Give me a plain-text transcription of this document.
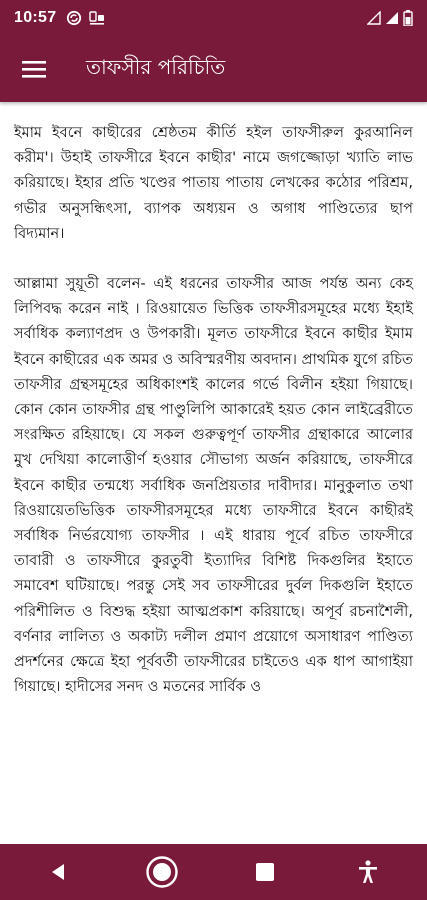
10:57
তাফসীর পরিচিতি

ইমাম ইবনে কাছীরের শ্রেষ্ঠতম কীর্তি হইল তাফসীরুল কুরআনিল করীম'। উহাই তাফসীরে ইবনে কাছীর' নামে জগজ্জোড়া খ্যাতি লাভ করিয়াছে। ইহার প্রতি খণ্ডের পাতায় পাতায় লেখকের কঠোর পরিশ্রম, গভীর অনুসন্ধিৎসা, ব্যাপক অধ্যয়ন ও অগাধ পাণ্ডিত্যের ছাপ বিদ্যমান।

আল্লামা সুয়ূতী বলেন- এই ধরনের তাফসীর আজ পর্যন্ত অন্য কেহ লিপিবদ্ধ করেন নাই । রিওয়ায়েত ভিত্তিক তাফসীরসমূহের মধ্যে ইহাই সর্বাধিক কল্যাণপ্রদ ও উপকারী। মূলত তাফসীরে ইবনে কাছীর ইমাম ইবনে কাছীরের এক অমর ও অবিস্মরণীয় অবদান। প্রাথমিক যুগে রচিত তাফসীর গ্রন্থসমূহের অধিকাংশই কালের গর্ভে বিলীন হইয়া গিয়াছে। কোন কোন তাফসীর গ্রন্থ পাণ্ডুলিপি আকারেই হয়ত কোন লাইব্রেরীতে সংরক্ষিত রহিয়াছে। যে সকল গুরুত্বপূর্ণ তাফসীর গ্রন্থাকারে আলোর মুখ দেখিয়া কালোত্তীর্ণ হওয়ার সৌভাগ্য অর্জন করিয়াছে, তাফসীরে ইবনে কাছীর তন্মধ্যে সর্বাধিক জনপ্রিয়তার দাবীদার। মানুকুলাত তথা রিওয়ায়েতভিত্তিক তাফসীরসমূহের মধ্যে তাফসীরে ইবনে কাছীরই সর্বাধিক নির্ভরযোগ্য তাফসীর । এই ধারায় পূর্বে রচিত তাফসীরে তাবারী ও তাফসীরে কুরতুবী ইত্যাদির বিশিষ্ট দিকগুলির ইহাতে সমাবেশ ঘটিয়াছে। পরন্তু সেই সব তাফসীরের দুর্বল দিকগুলি ইহাতে পরিশীলিত ও বিশুদ্ধ হইয়া আত্মপ্রকাশ করিয়াছে। অপূর্ব রচনাশৈলী, বর্ণনার লালিত্য ও অকাট্য দলীল প্রমাণ প্রয়োগে অসাধারণ পাণ্ডিত্য প্রদর্শনের ক্ষেত্রে ইহা পূর্ববর্তী তাফসীরের চাইতেও এক ধাপ আগাইয়া গিয়াছে। হাদীসের সনদ ও মতনের সার্বিক ও
